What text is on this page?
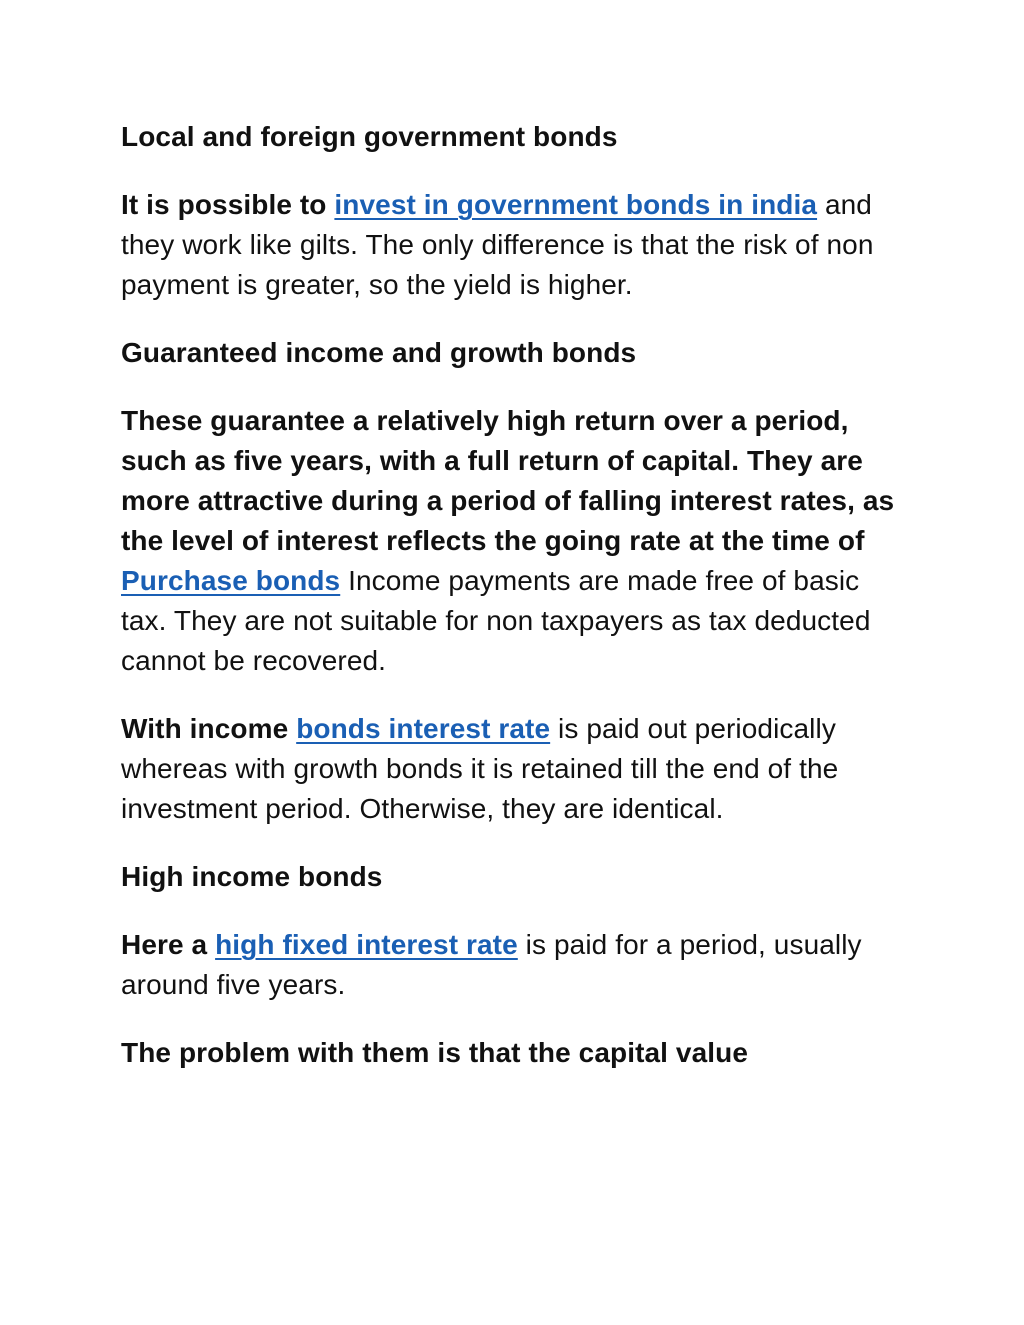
Local and foreign government bonds
It is possible to invest in government bonds in india and they work like gilts. The only difference is that the risk of non payment is greater, so the yield is higher.
Guaranteed income and growth bonds
These guarantee a relatively high return over a period, such as five years, with a full return of capital. They are more attractive during a period of falling interest rates, as the level of interest reflects the going rate at the time of Purchase bonds Income payments are made free of basic tax. They are not suitable for non taxpayers as tax deducted cannot be recovered.
With income bonds interest rate is paid out periodically whereas with growth bonds it is retained till the end of the investment period. Otherwise, they are identical.
High income bonds
Here a high fixed interest rate is paid for a period, usually around five years.
The problem with them is that the capital value
